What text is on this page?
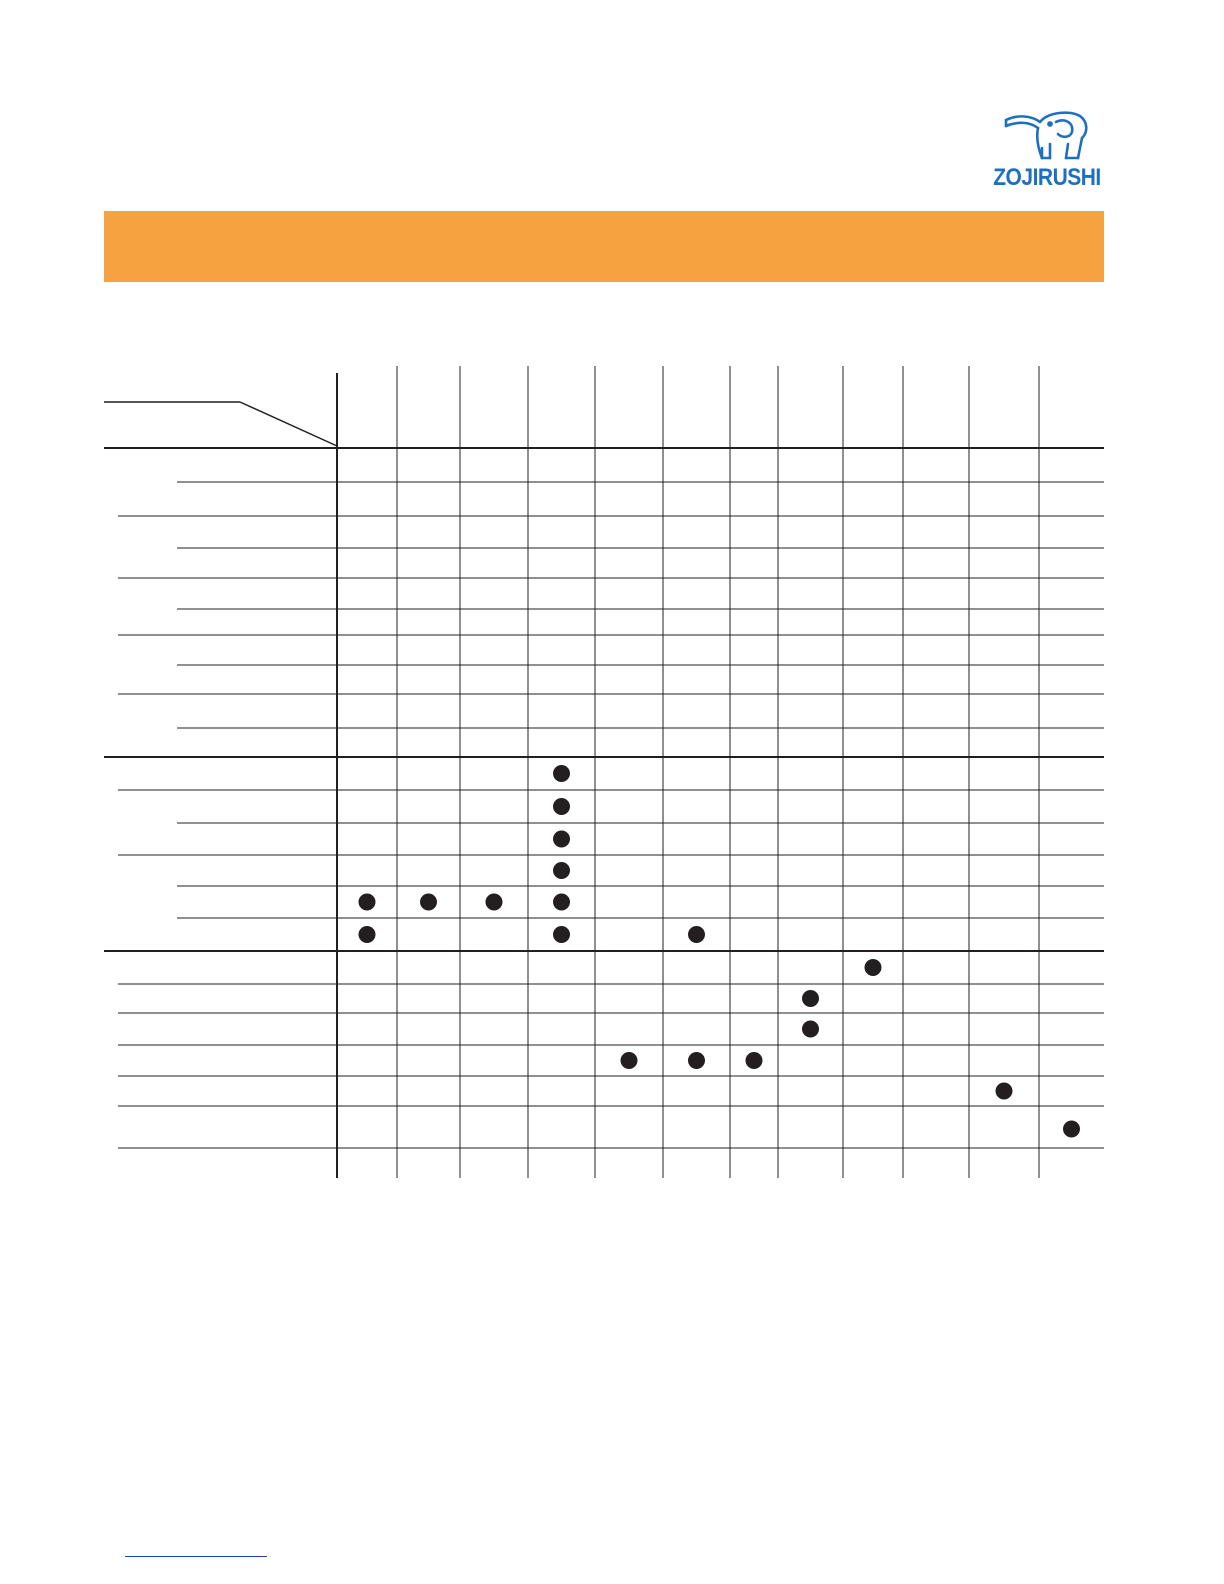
ZOJIRUSHI
